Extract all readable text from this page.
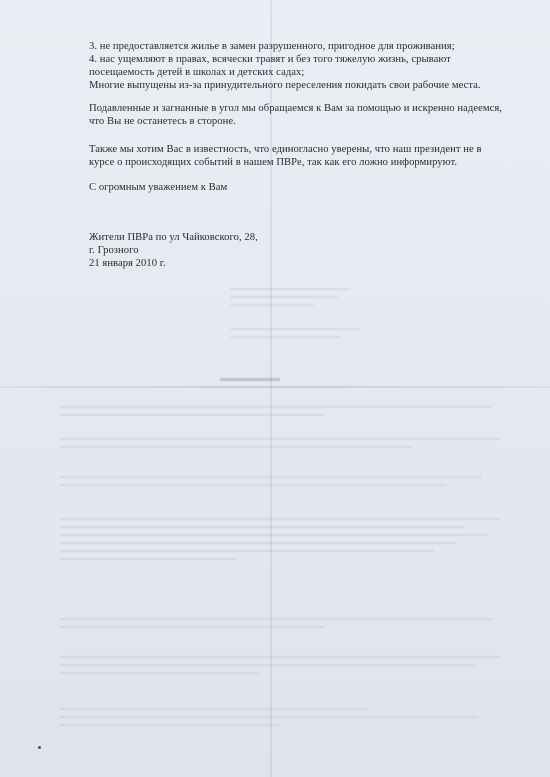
3. не предоставляется жилье в замен разрушенного, пригодное для проживания;
4. нас ущемляют в правах, всячески травят и без того тяжелую жизнь, срывают
посещаемость детей в школах и детских садах;
Многие выпущены из-за принудительного переселения покидать свои рабочие места.
Подавленные и загнанные в угол мы обращаемся к Вам за помощью и искренно надеемся,
что Вы не останетесь в стороне.
Также мы хотим Вас в известность, что единогласно уверены, что наш президент не в
курсе о происходящих событий в нашем ПВРе, так как его ложно информируют.
С огромным уважением к Вам
Жители ПВРа по ул Чайковского, 28,
г. Грозного
21 января 2010 г.
